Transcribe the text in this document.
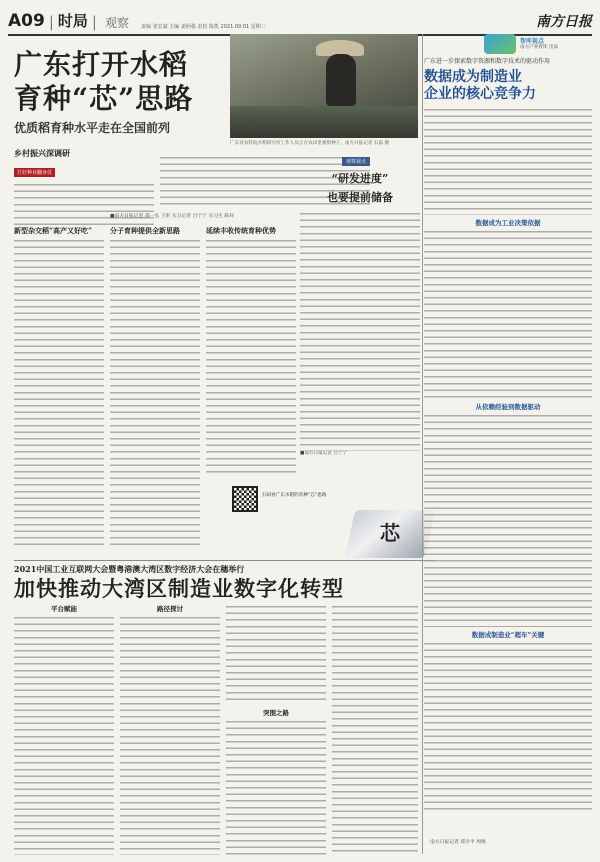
A09 | 时局 | 观察 责编 张宏斌 主编 姜炳强 责校 陈凯 2021.09.01 星期三	南方日报
广东打开水稻
育种“芯”思路
优质稻育种水平走在全国前列
广东省农科院水稻研究所工作人员正在农田里观察种子。南方日报记者 石磊 摄
乡村振兴深调研
打好种业翻身仗
■南方日报记者 邵一弘 王彭 实习记者 吕宁宁 实习生 陈祥
新型杂交稻“高产又好吃”	分子育种提供全新思路	延续丰收传统育种优势
观察视点
“研发进度”
也要提前储备
■南方日报记者 吕宁宁
扫码看广东水稻的育种“芯”思路
芯
2021中国工业互联网大会暨粤港澳大湾区数字经济大会在穗举行
加快推动大湾区制造业数字化转型
平台赋能	路径探讨
突围之路
智库视点
南方产业智库 出品
广东进一步探索数字资源和数字技术的驱动作用
数据成为制造业
企业的核心竞争力
数据成为工业决策依据
从依赖经验到数据驱动
数据成制造业“超车”关键
南方日报记者 郑少平 周维
